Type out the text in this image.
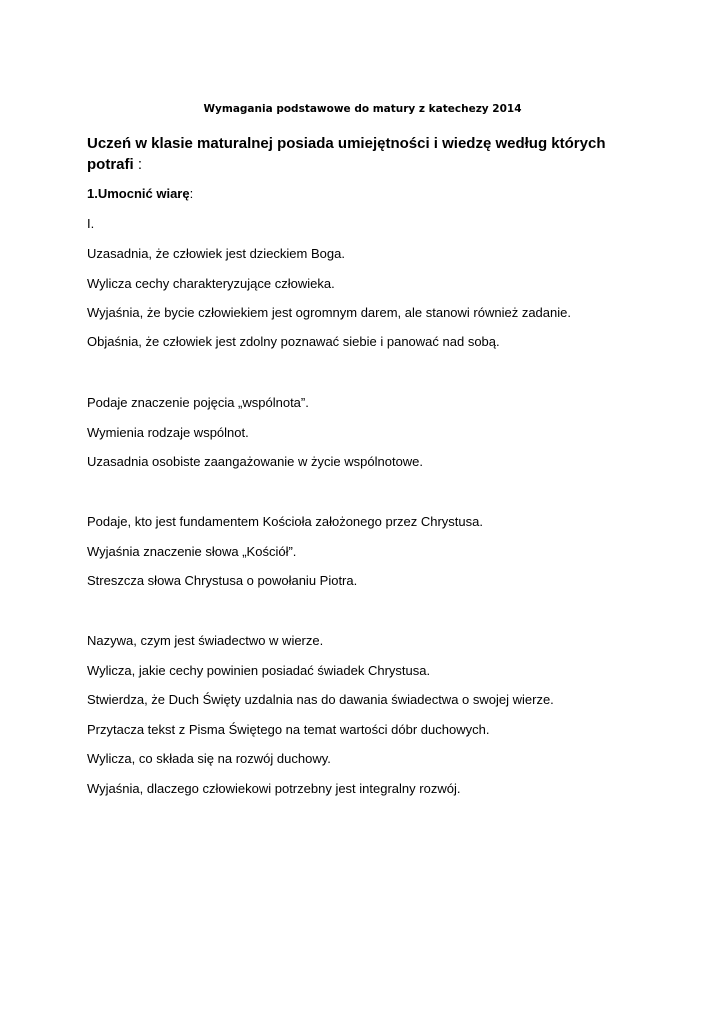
Wymagania podstawowe do matury z katechezy 2014
Uczeń w klasie maturalnej posiada umiejętności i wiedzę według których potrafi :
1.Umocnić wiarę:
I.
Uzasadnia, że człowiek jest dzieckiem Boga.
Wylicza cechy charakteryzujące człowieka.
Wyjaśnia, że bycie człowiekiem jest ogromnym darem, ale stanowi również zadanie.
Objaśnia, że człowiek jest zdolny poznawać siebie i panować nad sobą.
Podaje znaczenie pojęcia „wspólnota”.
Wymienia rodzaje wspólnot.
Uzasadnia osobiste zaangażowanie w życie wspólnotowe.
Podaje, kto jest fundamentem Kościoła założonego przez Chrystusa.
Wyjaśnia znaczenie słowa „Kościół”.
Streszcza słowa Chrystusa o powołaniu Piotra.
Nazywa, czym jest świadectwo w wierze.
Wylicza, jakie cechy powinien posiadać świadek Chrystusa.
Stwierdza, że Duch Święty uzdalnia nas do dawania świadectwa o swojej wierze.
Przytacza tekst z Pisma Świętego na temat wartości dóbr duchowych.
Wylicza, co składa się na rozwój duchowy.
Wyjaśnia, dlaczego człowiekowi potrzebny jest integralny rozwój.
